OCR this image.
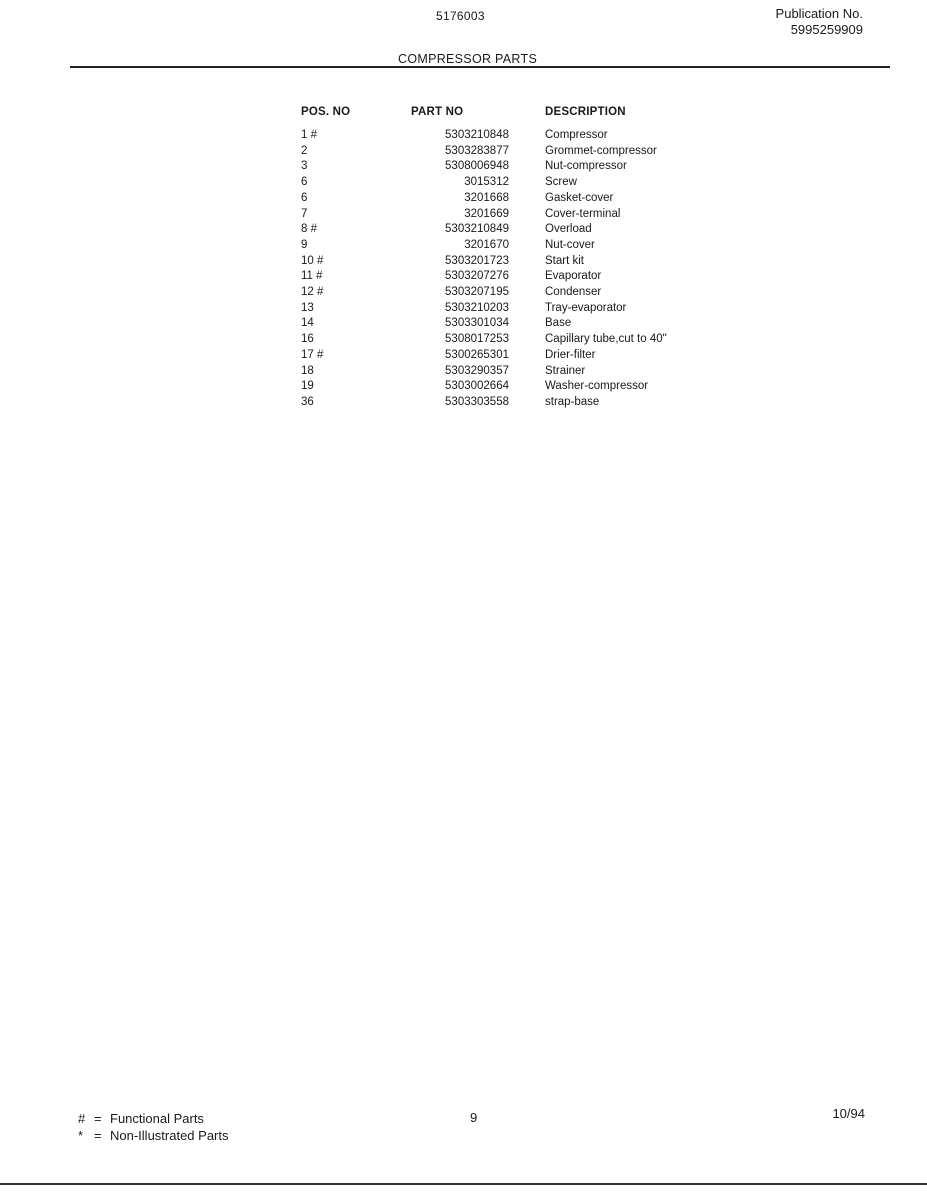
5176003	Publication No.
5995259909
COMPRESSOR PARTS
POS. NO	PART NO	DESCRIPTION
1 #	5303210848	Compressor
2	5303283877	Grommet-compressor
3	5308006948	Nut-compressor
6	3015312	Screw
6	3201668	Gasket-cover
7	3201669	Cover-terminal
8 #	5303210849	Overload
9	3201670	Nut-cover
10 #	5303201723	Start kit
11 #	5303207276	Evaporator
12 #	5303207195	Condenser
13	5303210203	Tray-evaporator
14	5303301034	Base
16	5308017253	Capillary tube,cut to 40"
17 #	5300265301	Drier-filter
18	5303290357	Strainer
19	5303002664	Washer-compressor
36	5303303558	strap-base
# = Functional Parts
* = Non-Illustrated Parts
9	10/94
